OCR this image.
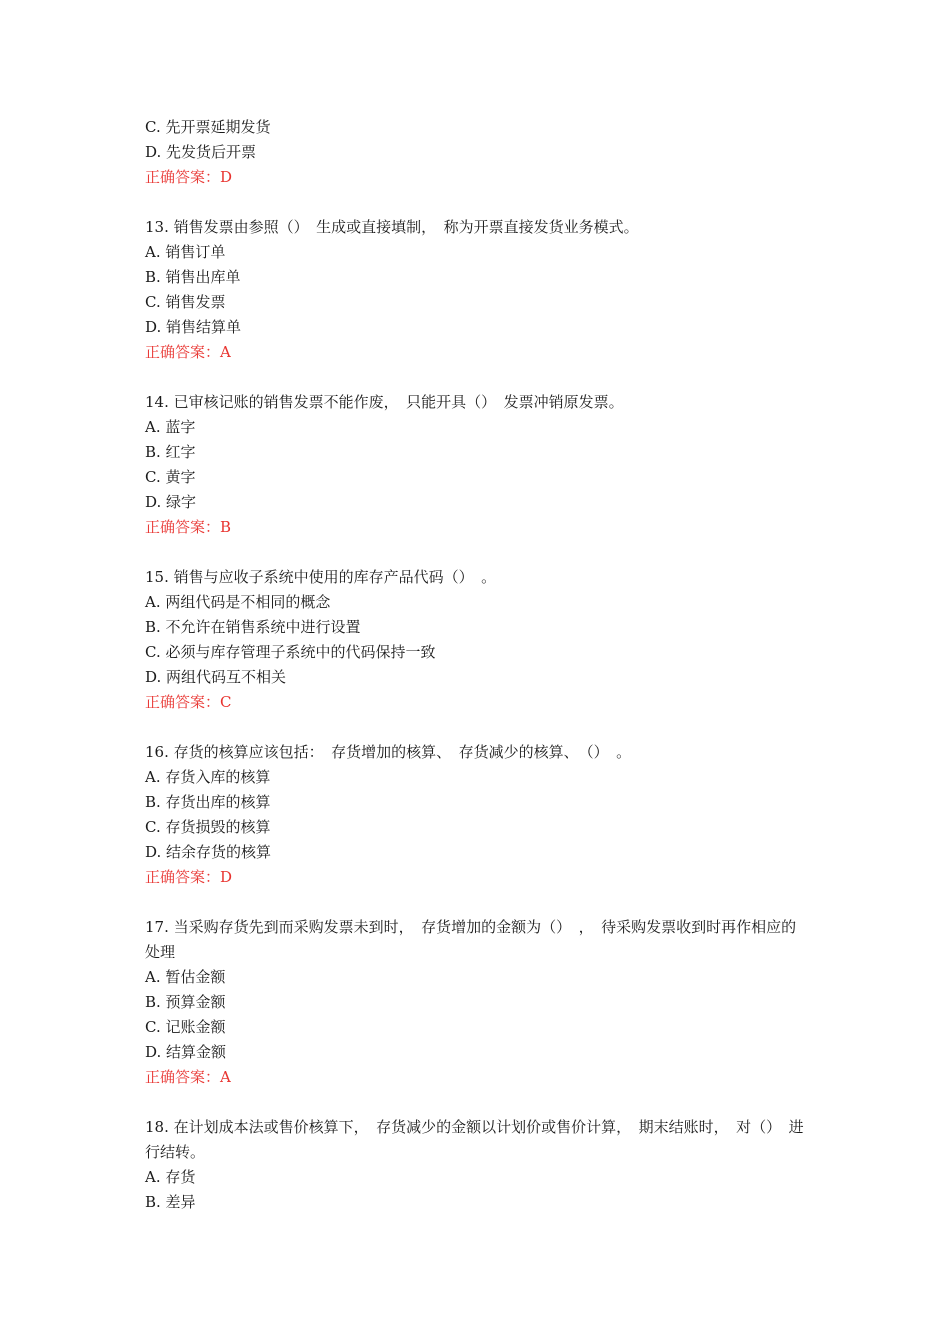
C. 先开票延期发货
D. 先发货后开票
正确答案：D
13. 销售发票由参照（）　生成或直接填制，　称为开票直接发货业务模式。
A. 销售订单
B. 销售出库单
C. 销售发票
D. 销售结算单
正确答案：A
14. 已审核记账的销售发票不能作废，　只能开具（）　发票冲销原发票。
A. 蓝字
B. 红字
C. 黄字
D. 绿字
正确答案：B
15. 销售与应收子系统中使用的库存产品代码（）　。
A. 两组代码是不相同的概念
B. 不允许在销售系统中进行设置
C. 必须与库存管理子系统中的代码保持一致
D. 两组代码互不相关
正确答案：C
16. 存货的核算应该包括：　存货增加的核算、　存货减少的核算、　（）　。
A. 存货入库的核算
B. 存货出库的核算
C. 存货损毁的核算
D. 结余存货的核算
正确答案：D
17. 当采购存货先到而采购发票未到时，　存货增加的金额为（）　，　待采购发票收到时再作相应的处理
A. 暂估金额
B. 预算金额
C. 记账金额
D. 结算金额
正确答案：A
18. 在计划成本法或售价核算下，　存货减少的金额以计划价或售价计算，　期末结账时，　对（）　进行结转。
A. 存货
B. 差异
